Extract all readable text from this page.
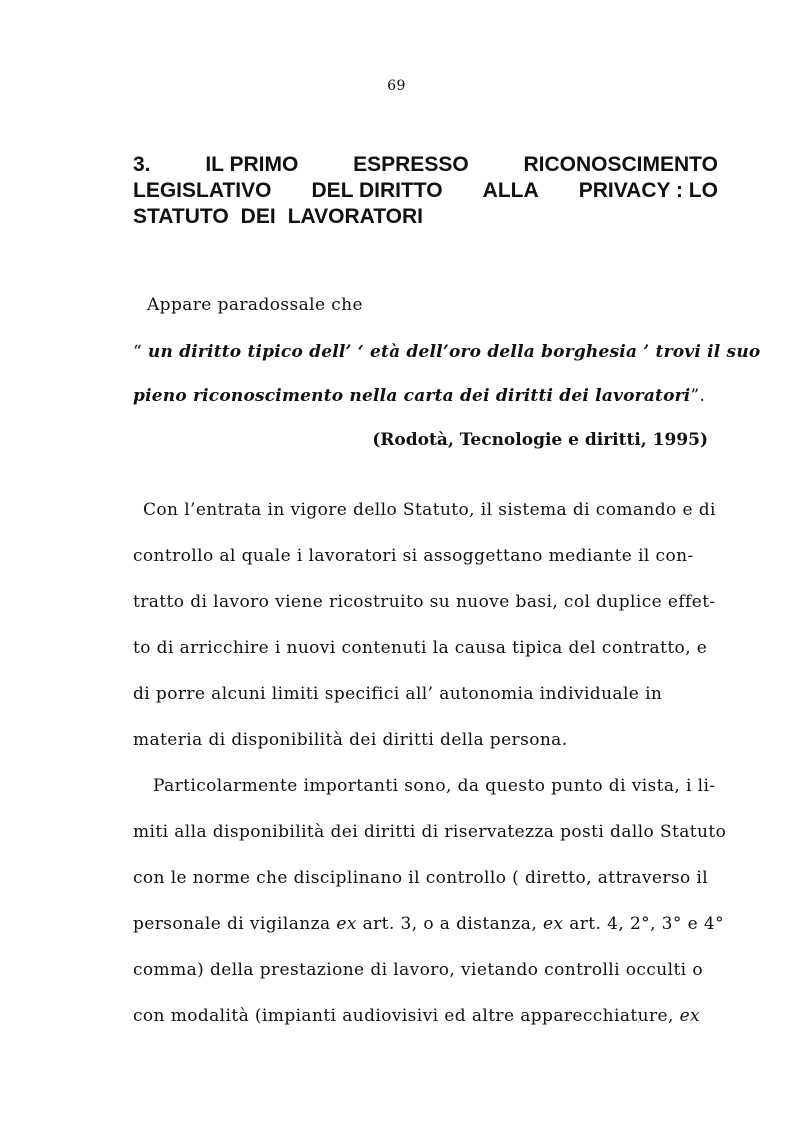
69
3.	IL PRIMO	ESPRESSO	RICONOSCIMENTO
LEGISLATIVO DEL DIRITTO ALLA PRIVACY : LO
STATUTO DEI LAVORATORI
Appare paradossale che
“ un diritto tipico dell’ ‘ età dell’oro della borghesia ’ trovi il suo
pieno riconoscimento nella carta dei diritti dei lavoratori”.
(Rodotà, Tecnologie e diritti, 1995)
Con l’entrata in vigore dello Statuto, il sistema di comando e di
controllo al quale i lavoratori si assoggettano mediante il con-
tratto di lavoro viene ricostruito su nuove basi, col duplice effet-
to di arricchire i nuovi contenuti la causa tipica del contratto, e
di porre alcuni limiti specifici all’ autonomia individuale in
materia di disponibilità dei diritti della persona.
Particolarmente importanti sono, da questo punto di vista, i li-
miti alla disponibilità dei diritti di riservatezza posti dallo Statuto
con le norme che disciplinano il controllo ( diretto, attraverso il
personale di vigilanza ex art. 3, o a distanza, ex art. 4, 2°, 3° e 4°
comma) della prestazione di lavoro, vietando controlli occulti o
con modalità (impianti audiovisivi ed altre apparecchiature, ex
